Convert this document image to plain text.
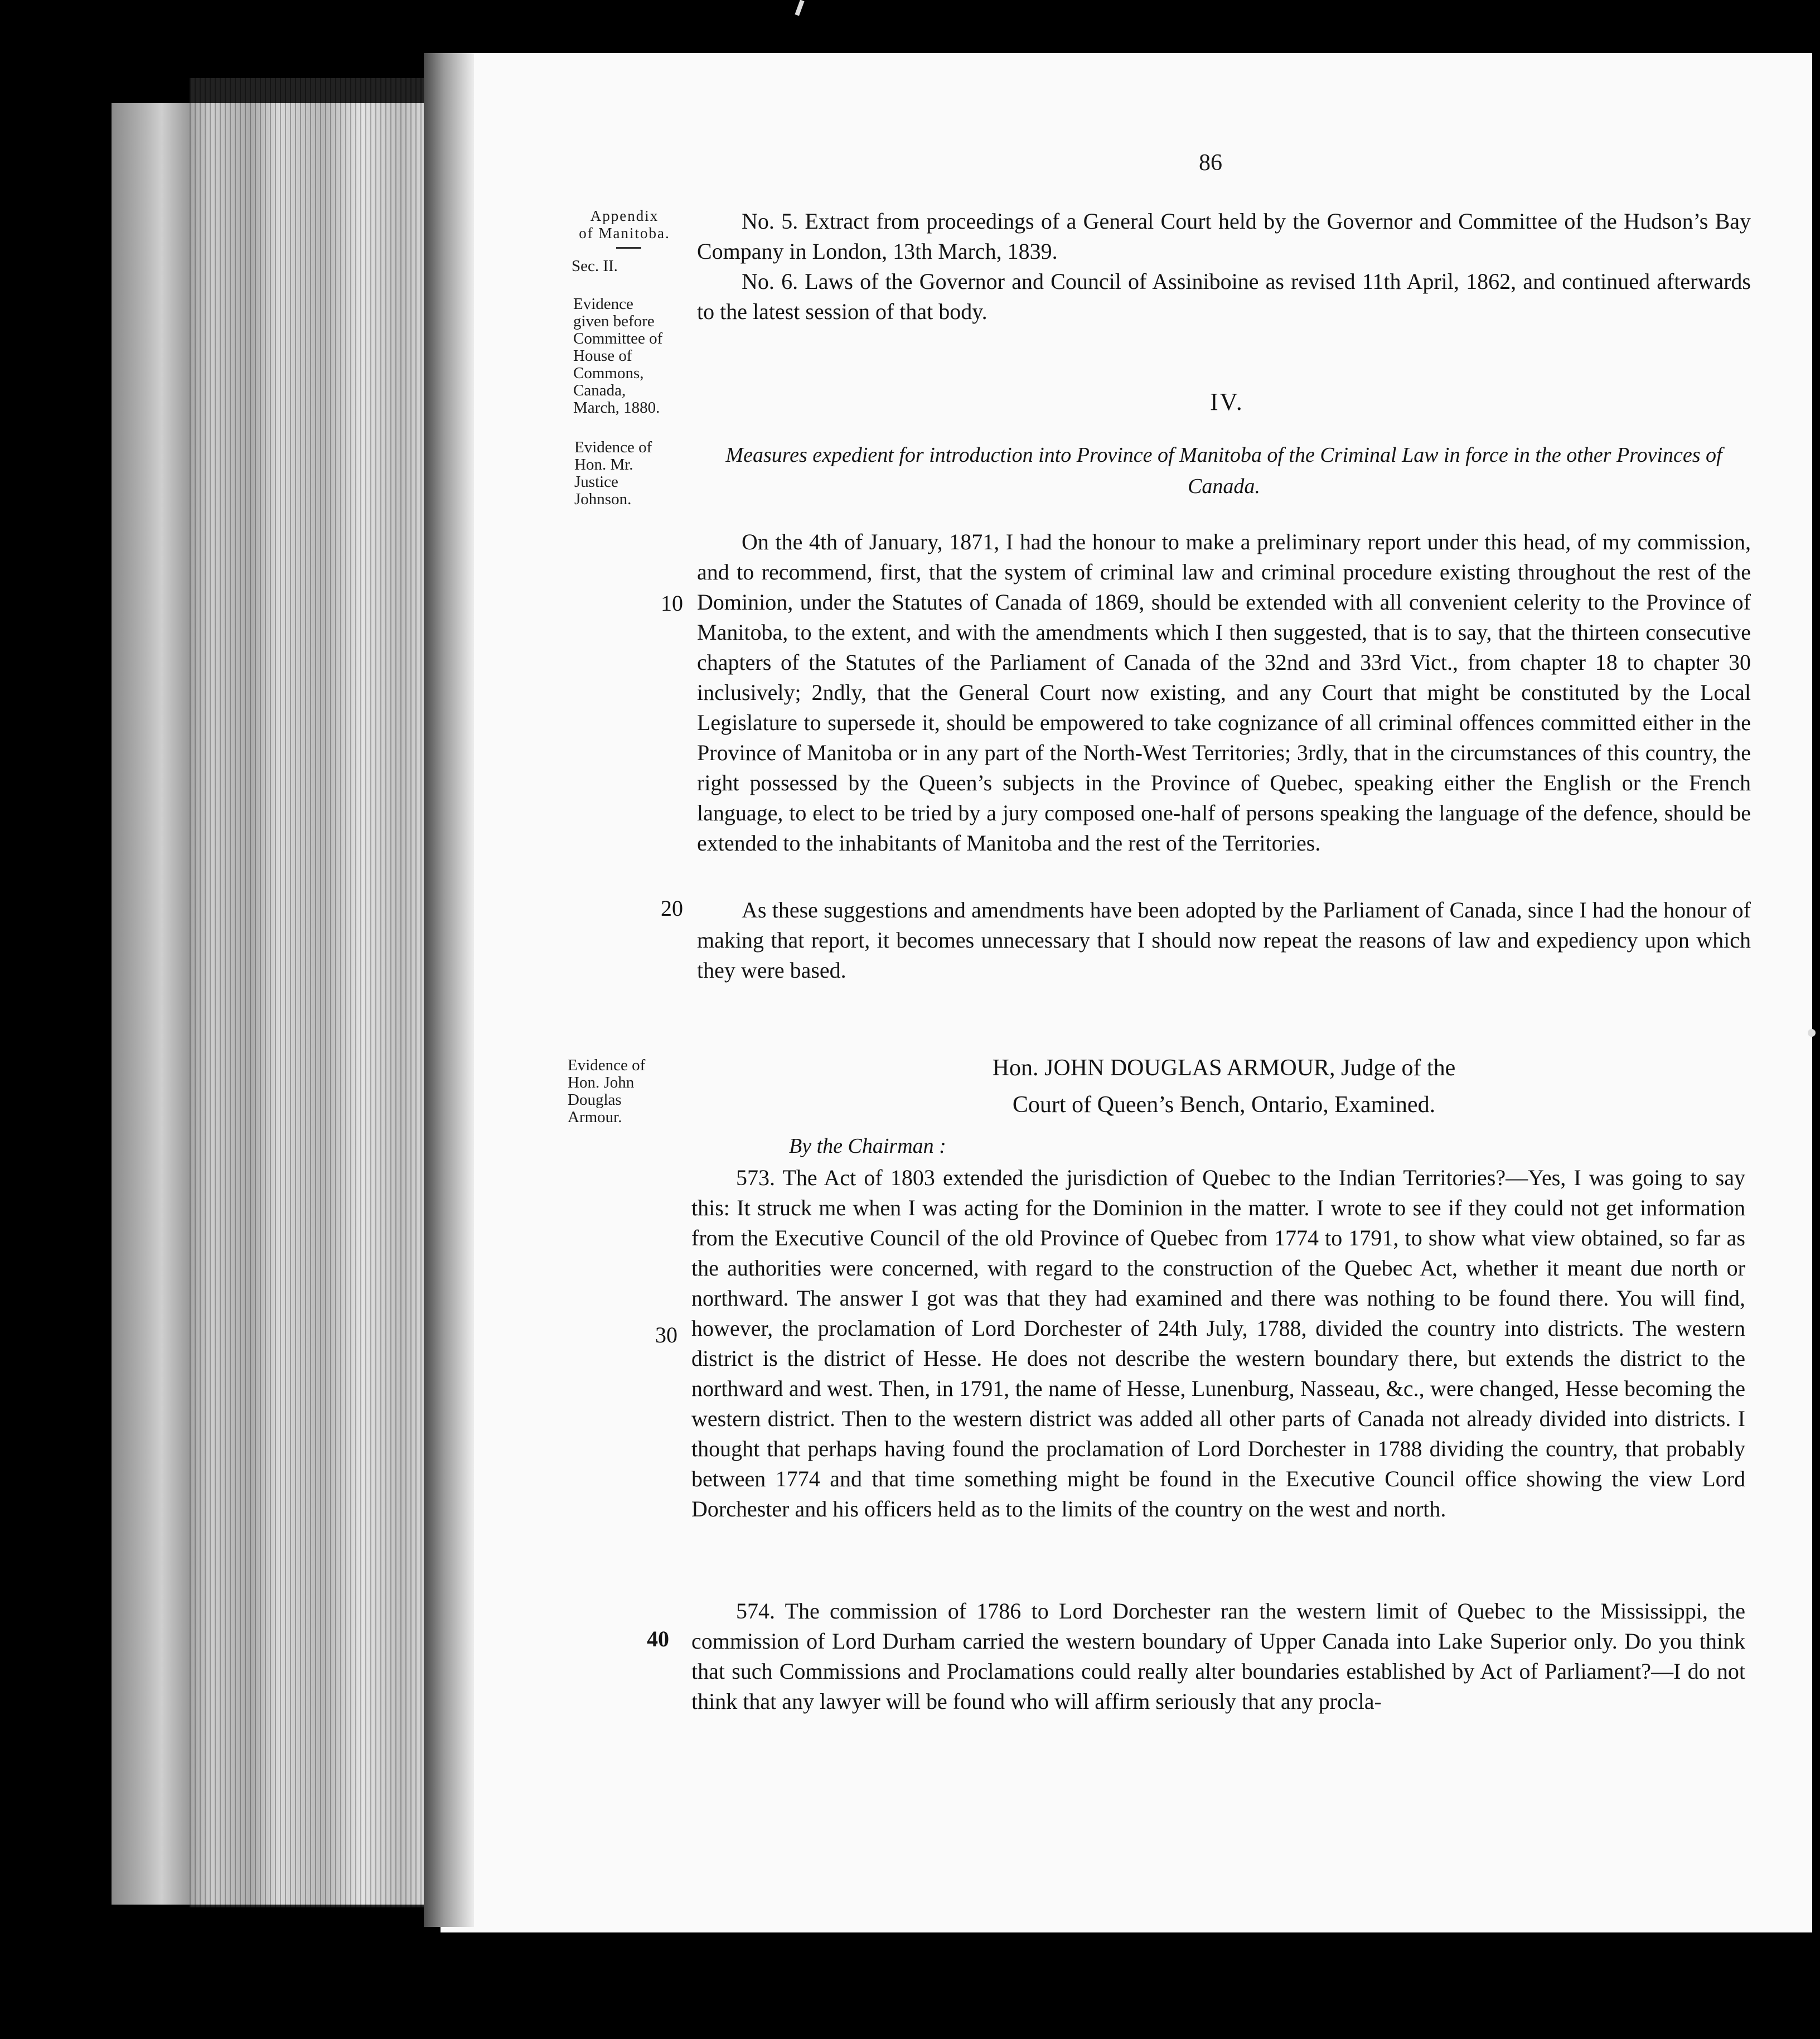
86
Appendix
of Manitoba.
Sec. II.
Evidence
given before
Committee of
House of
Commons,
Canada,
March, 1880.
Evidence of
Hon. Mr.
Justice
Johnson.
Evidence of
Hon. John
Douglas
Armour.
No. 5. Extract from proceedings of a General Court held by the Governor and Committee of the Hudson’s Bay Company in London, 13th March, 1839.
No. 6. Laws of the Governor and Council of Assiniboine as revised 11th April, 1862, and continued afterwards to the latest session of that body.
IV.
Measures expedient for introduction into Province of Manitoba of the Criminal Law in force in the other Provinces of Canada.
10
On the 4th of January, 1871, I had the honour to make a preliminary report under this head, of my commission, and to recommend, first, that the system of criminal law and criminal procedure existing throughout the rest of the Dominion, under the Statutes of Canada of 1869, should be extended with all convenient celerity to the Province of Manitoba, to the extent, and with the amendments which I then suggested, that is to say, that the thirteen consecutive chapters of the Statutes of the Parliament of Canada of the 32nd and 33rd Vict., from chapter 18 to chapter 30 inclusively; 2ndly, that the General Court now existing, and any Court that might be constituted by the Local Legislature to supersede it, should be empowered to take cognizance of all criminal offences committed either in the Province of Manitoba or in any part of the North-West Territories; 3rdly, that in the circumstances of this country, the right possessed by the Queen’s subjects in the Province of Quebec, speaking either the English or the French language, to elect to be tried by a jury composed one-half of persons speaking the language of the defence, should be extended to the inhabitants of Manitoba and the rest of the Territories.
20	As these suggestions and amendments have been adopted by the Parliament of Canada, since I had the honour of making that report, it becomes unnecessary that I should now repeat the reasons of law and expediency upon which they were based.
Hon. JOHN DOUGLAS ARMOUR, Judge of the
Court of Queen’s Bench, Ontario, Examined.
By the Chairman :
573. The Act of 1803 extended the jurisdiction of Quebec to the Indian Territories?—Yes, I was going to say this: It struck me when I was acting for the Dominion in the matter. I wrote to see if they could not get information from the Executive Council of the old Province of Quebec from 1774 to 1791, to show what view obtained, so far as the authorities were concerned, with regard to the construction of the Quebec Act, whether it meant due north or northward. The answer I got was that they had examined and there was nothing to be found there. You will find, however, the proclamation of Lord Dorchester of 24th July, 1788, divided the country into districts. The western district is the district of Hesse. He does not describe the western boundary there, but extends the district to the northward and west. Then, in 1791, the name of Hesse, Lunenburg, Nasseau, &c., were changed, Hesse becoming the western district. Then to the western district was added all other parts of Canada not already divided into districts. I thought that perhaps having found the proclamation of Lord Dorchester in 1788 dividing the country, that probably between 1774 and that time something might be found in the Executive Council office showing the view Lord Dorchester and his officers held as to the limits of the country on the west and north.
30
40
574. The commission of 1786 to Lord Dorchester ran the western limit of Quebec to the Mississippi, the commission of Lord Durham carried the western boundary of Upper Canada into Lake Superior only. Do you think that such Commissions and Proclamations could really alter boundaries established by Act of Parliament?—I do not think that any lawyer will be found who will affirm seriously that any procla-
